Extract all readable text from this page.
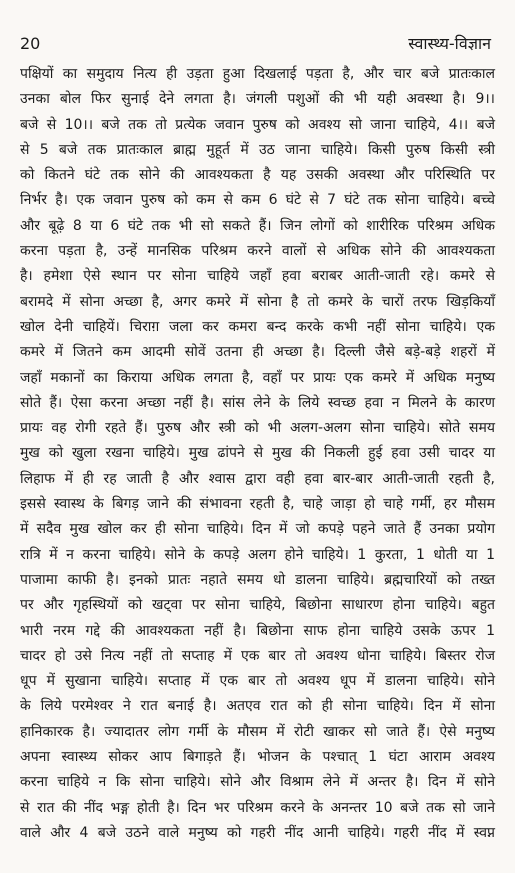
20	स्वास्थ्य-विज्ञान
पक्षियों का समुदाय नित्य ही उड़ता हुआ दिखलाई पड़ता है, और चार बजे प्रातःकाल
उनका बोल फिर सुनाई देने लगता है। जंगली पशुओं की भी यही अवस्था है। 9।।
बजे से 10।। बजे तक तो प्रत्येक जवान पुरुष को अवश्य सो जाना चाहिये, 4।। बजे
से 5 बजे तक प्रातःकाल ब्राह्म मुहूर्त में उठ जाना चाहिये। किसी पुरुष किसी स्त्री
को कितने घंटे तक सोने की आवश्यकता है यह उसकी अवस्था और परिस्थिति पर
निर्भर है। एक जवान पुरुष को कम से कम 6 घंटे से 7 घंटे तक सोना चाहिये। बच्चे
और बूढ़े 8 या 6 घंटे तक भी सो सकते हैं। जिन लोगों को शारीरिक परिश्रम अधिक
करना पड़ता है, उन्हें मानसिक परिश्रम करने वालों से अधिक सोने की आवश्यकता
है। हमेशा ऐसे स्थान पर सोना चाहिये जहाँ हवा बराबर आती-जाती रहे। कमरे से
बरामदे में सोना अच्छा है, अगर कमरे में सोना है तो कमरे के चारों तरफ खिड़कियाँ
खोल देनी चाहियें। चिराग़ जला कर कमरा बन्द करके कभी नहीं सोना चाहिये। एक
कमरे में जितने कम आदमी सोवें उतना ही अच्छा है। दिल्ली जैसे बड़े-बड़े शहरों में
जहाँ मकानों का किराया अधिक लगता है, वहाँ पर प्रायः एक कमरे में अधिक मनुष्य
सोते हैं। ऐसा करना अच्छा नहीं है। सांस लेने के लिये स्वच्छ हवा न मिलने के कारण
प्रायः वह रोगी रहते हैं। पुरुष और स्त्री को भी अलग-अलग सोना चाहिये। सोते समय
मुख को खुला रखना चाहिये। मुख ढांपने से मुख की निकली हुई हवा उसी चादर या
लिहाफ में ही रह जाती है और श्वास द्वारा वही हवा बार-बार आती-जाती रहती है,
इससे स्वास्थ के बिगड़ जाने की संभावना रहती है, चाहे जाड़ा हो चाहे गर्मी, हर मौसम
में सदैव मुख खोल कर ही सोना चाहिये। दिन में जो कपड़े पहने जाते हैं उनका प्रयोग
रात्रि में न करना चाहिये। सोने के कपड़े अलग होने चाहिये। 1 कुरता, 1 धोती या 1
पाजामा काफी है। इनको प्रातः नहाते समय धो डालना चाहिये। ब्रह्मचारियों को तख्त
पर और गृहस्थियों को खट्वा पर सोना चाहिये, बिछोना साधारण होना चाहिये। बहुत
भारी नरम गद्दे की आवश्यकता नहीं है। बिछोना साफ होना चाहिये उसके ऊपर 1
चादर हो उसे नित्य नहीं तो सप्ताह में एक बार तो अवश्य धोना चाहिये। बिस्तर रोज
धूप में सुखाना चाहिये। सप्ताह में एक बार तो अवश्य धूप में डालना चाहिये। सोने
के लिये परमेश्वर ने रात बनाई है। अतएव रात को ही सोना चाहिये। दिन में सोना
हानिकारक है। ज्यादातर लोग गर्मी के मौसम में रोटी खाकर सो जाते हैं। ऐसे मनुष्य
अपना स्वास्थ्य सोकर आप बिगाड़ते हैं। भोजन के पश्चात् 1 घंटा आराम अवश्य
करना चाहिये न कि सोना चाहिये। सोने और विश्राम लेने में अन्तर है। दिन में सोने
से रात की नींद भङ्ग होती है। दिन भर परिश्रम करने के अनन्तर 10 बजे तक सो जाने
वाले और 4 बजे उठने वाले मनुष्य को गहरी नींद आनी चाहिये। गहरी नींद में स्वप्न
